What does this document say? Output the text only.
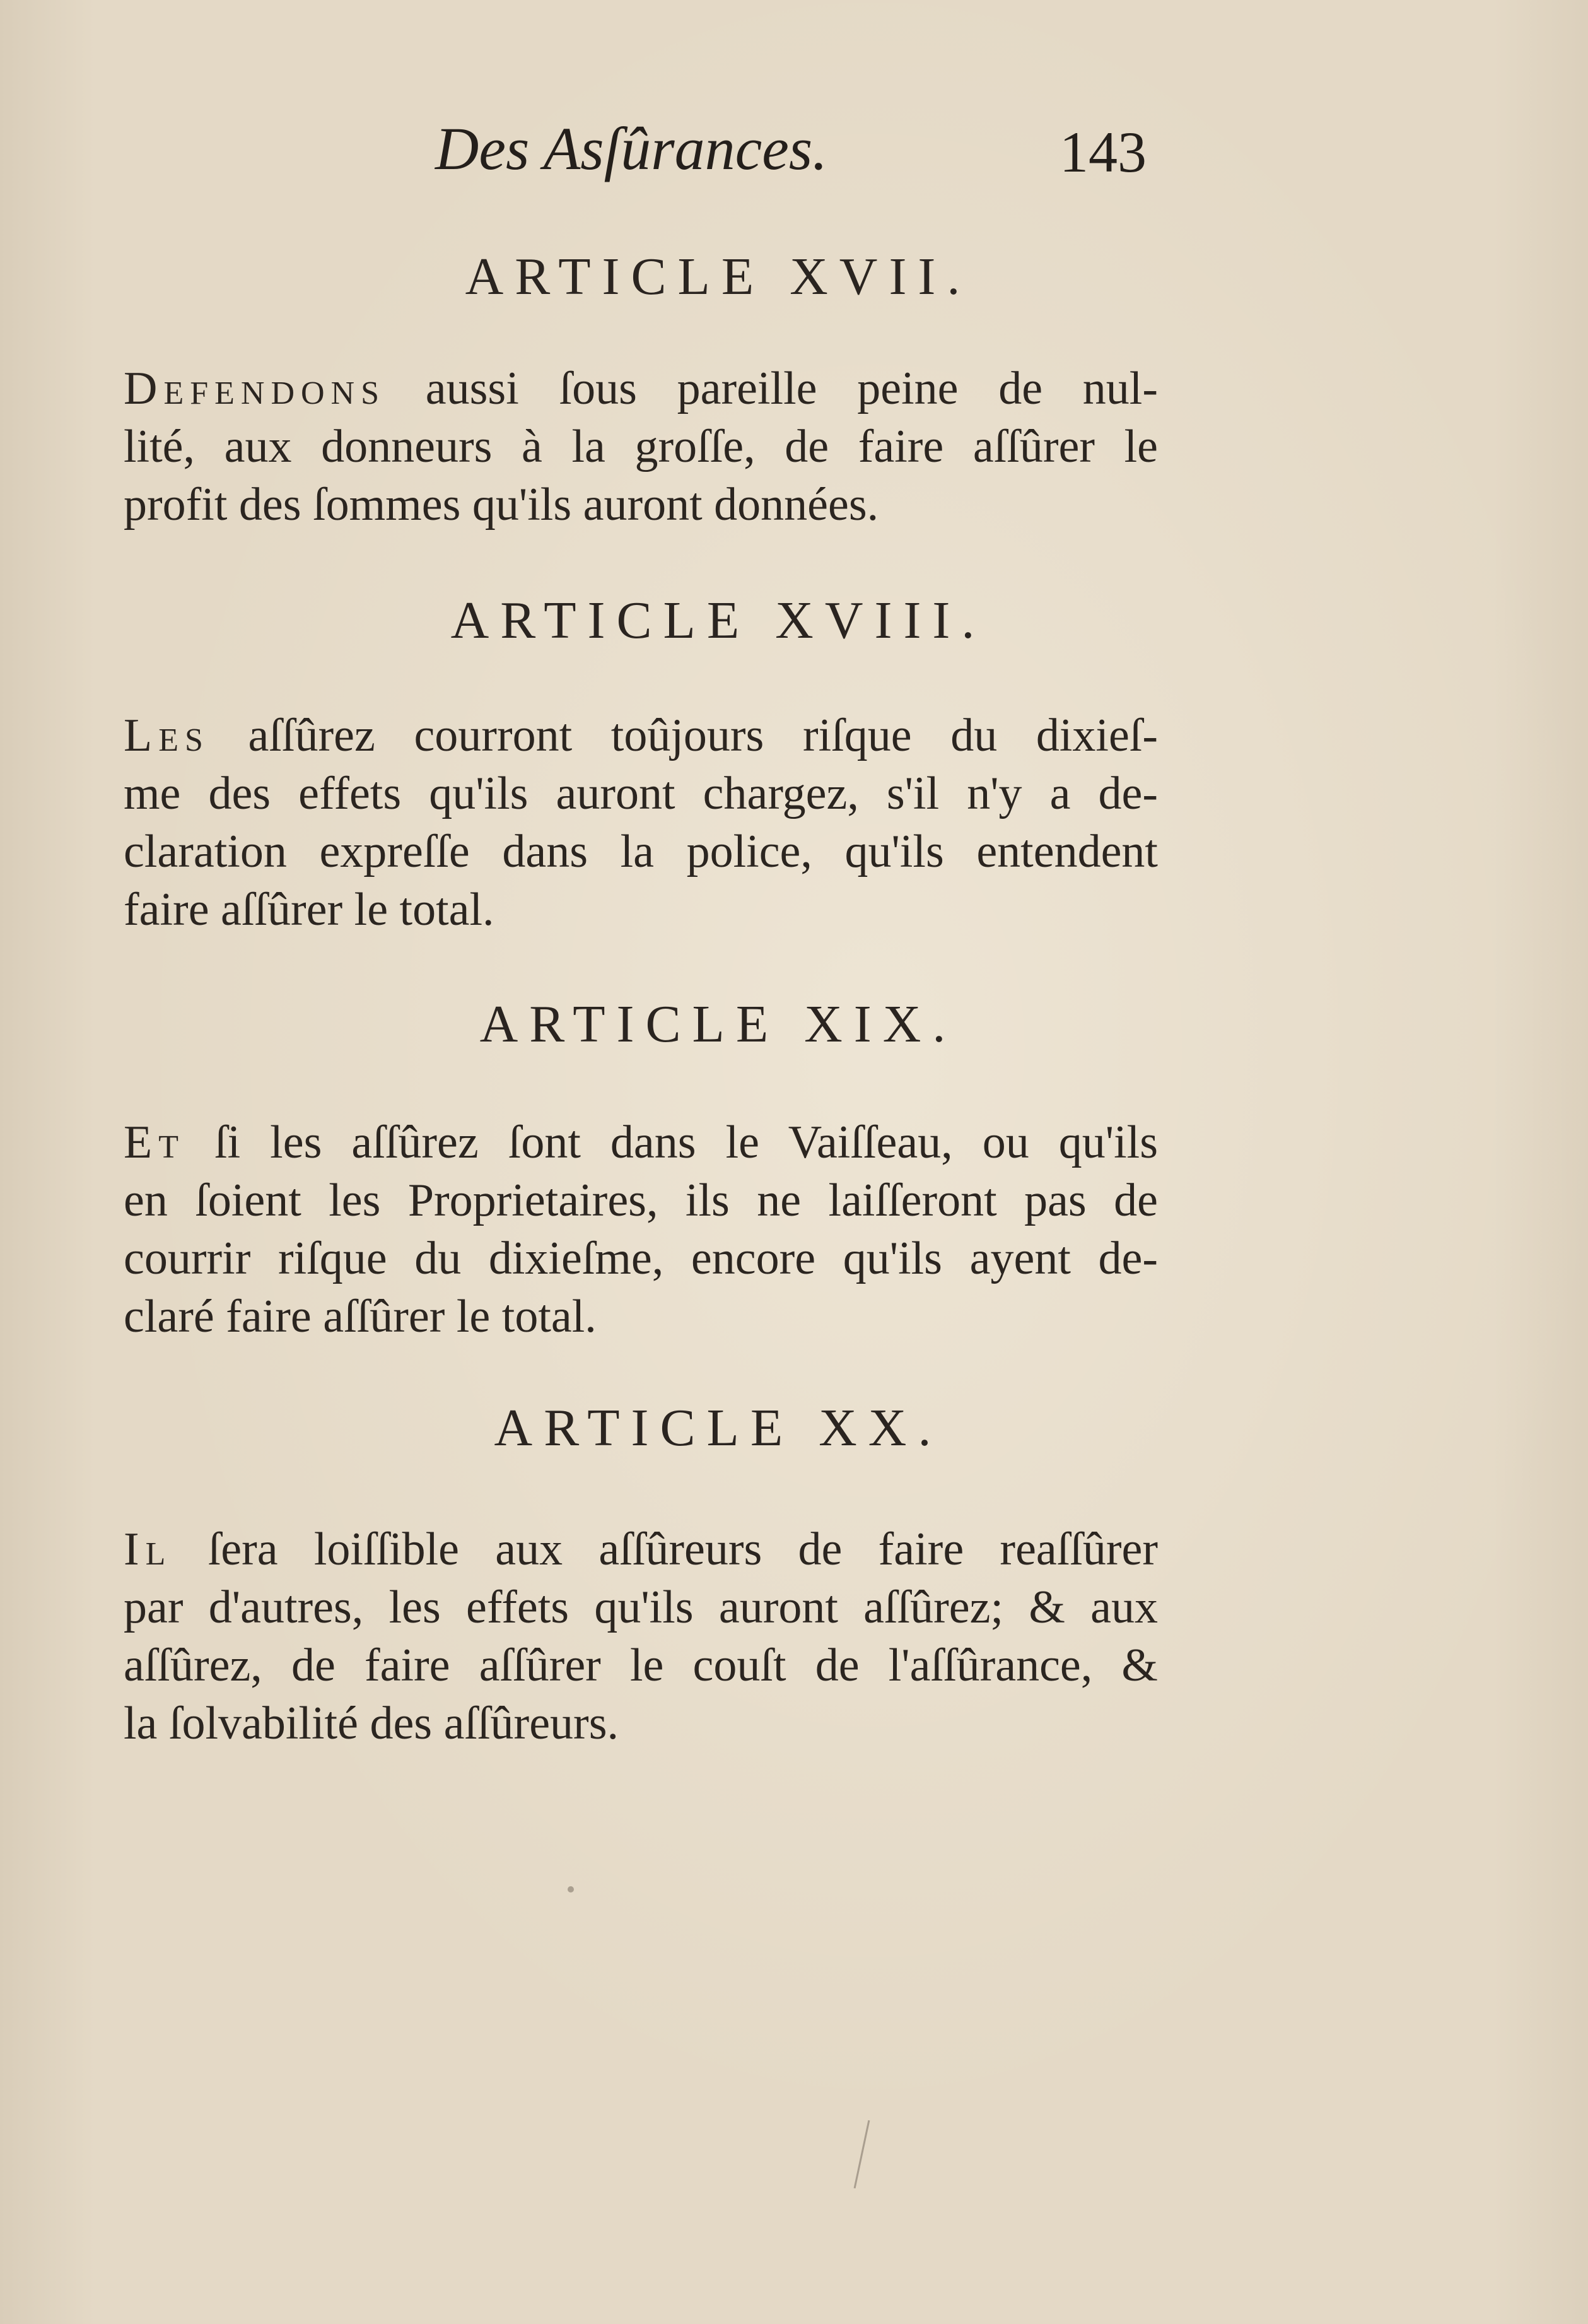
Des Asſûrances.	143
ARTICLE XVII.
Defendons aussi ſous pareille peine de nul-
lité, aux donneurs à la groſſe, de faire aſſûrer le
profit des ſommes qu'ils auront données.
ARTICLE XVIII.
Les aſſûrez courront toûjours riſque du dixieſ-
me des effets qu'ils auront chargez, s'il n'y a de-
claration expreſſe dans la police, qu'ils entendent
faire aſſûrer le total.
ARTICLE XIX.
Et ſi les aſſûrez ſont dans le Vaiſſeau, ou qu'ils
en ſoient les Proprietaires, ils ne laiſſeront pas de
courrir riſque du dixieſme, encore qu'ils ayent de-
claré faire aſſûrer le total.
ARTICLE XX.
Il ſera loiſſible aux aſſûreurs de faire reaſſûrer
par d'autres, les effets qu'ils auront aſſûrez; & aux
aſſûrez, de faire aſſûrer le couſt de l'aſſûrance, &
la ſolvabilité des aſſûreurs.
